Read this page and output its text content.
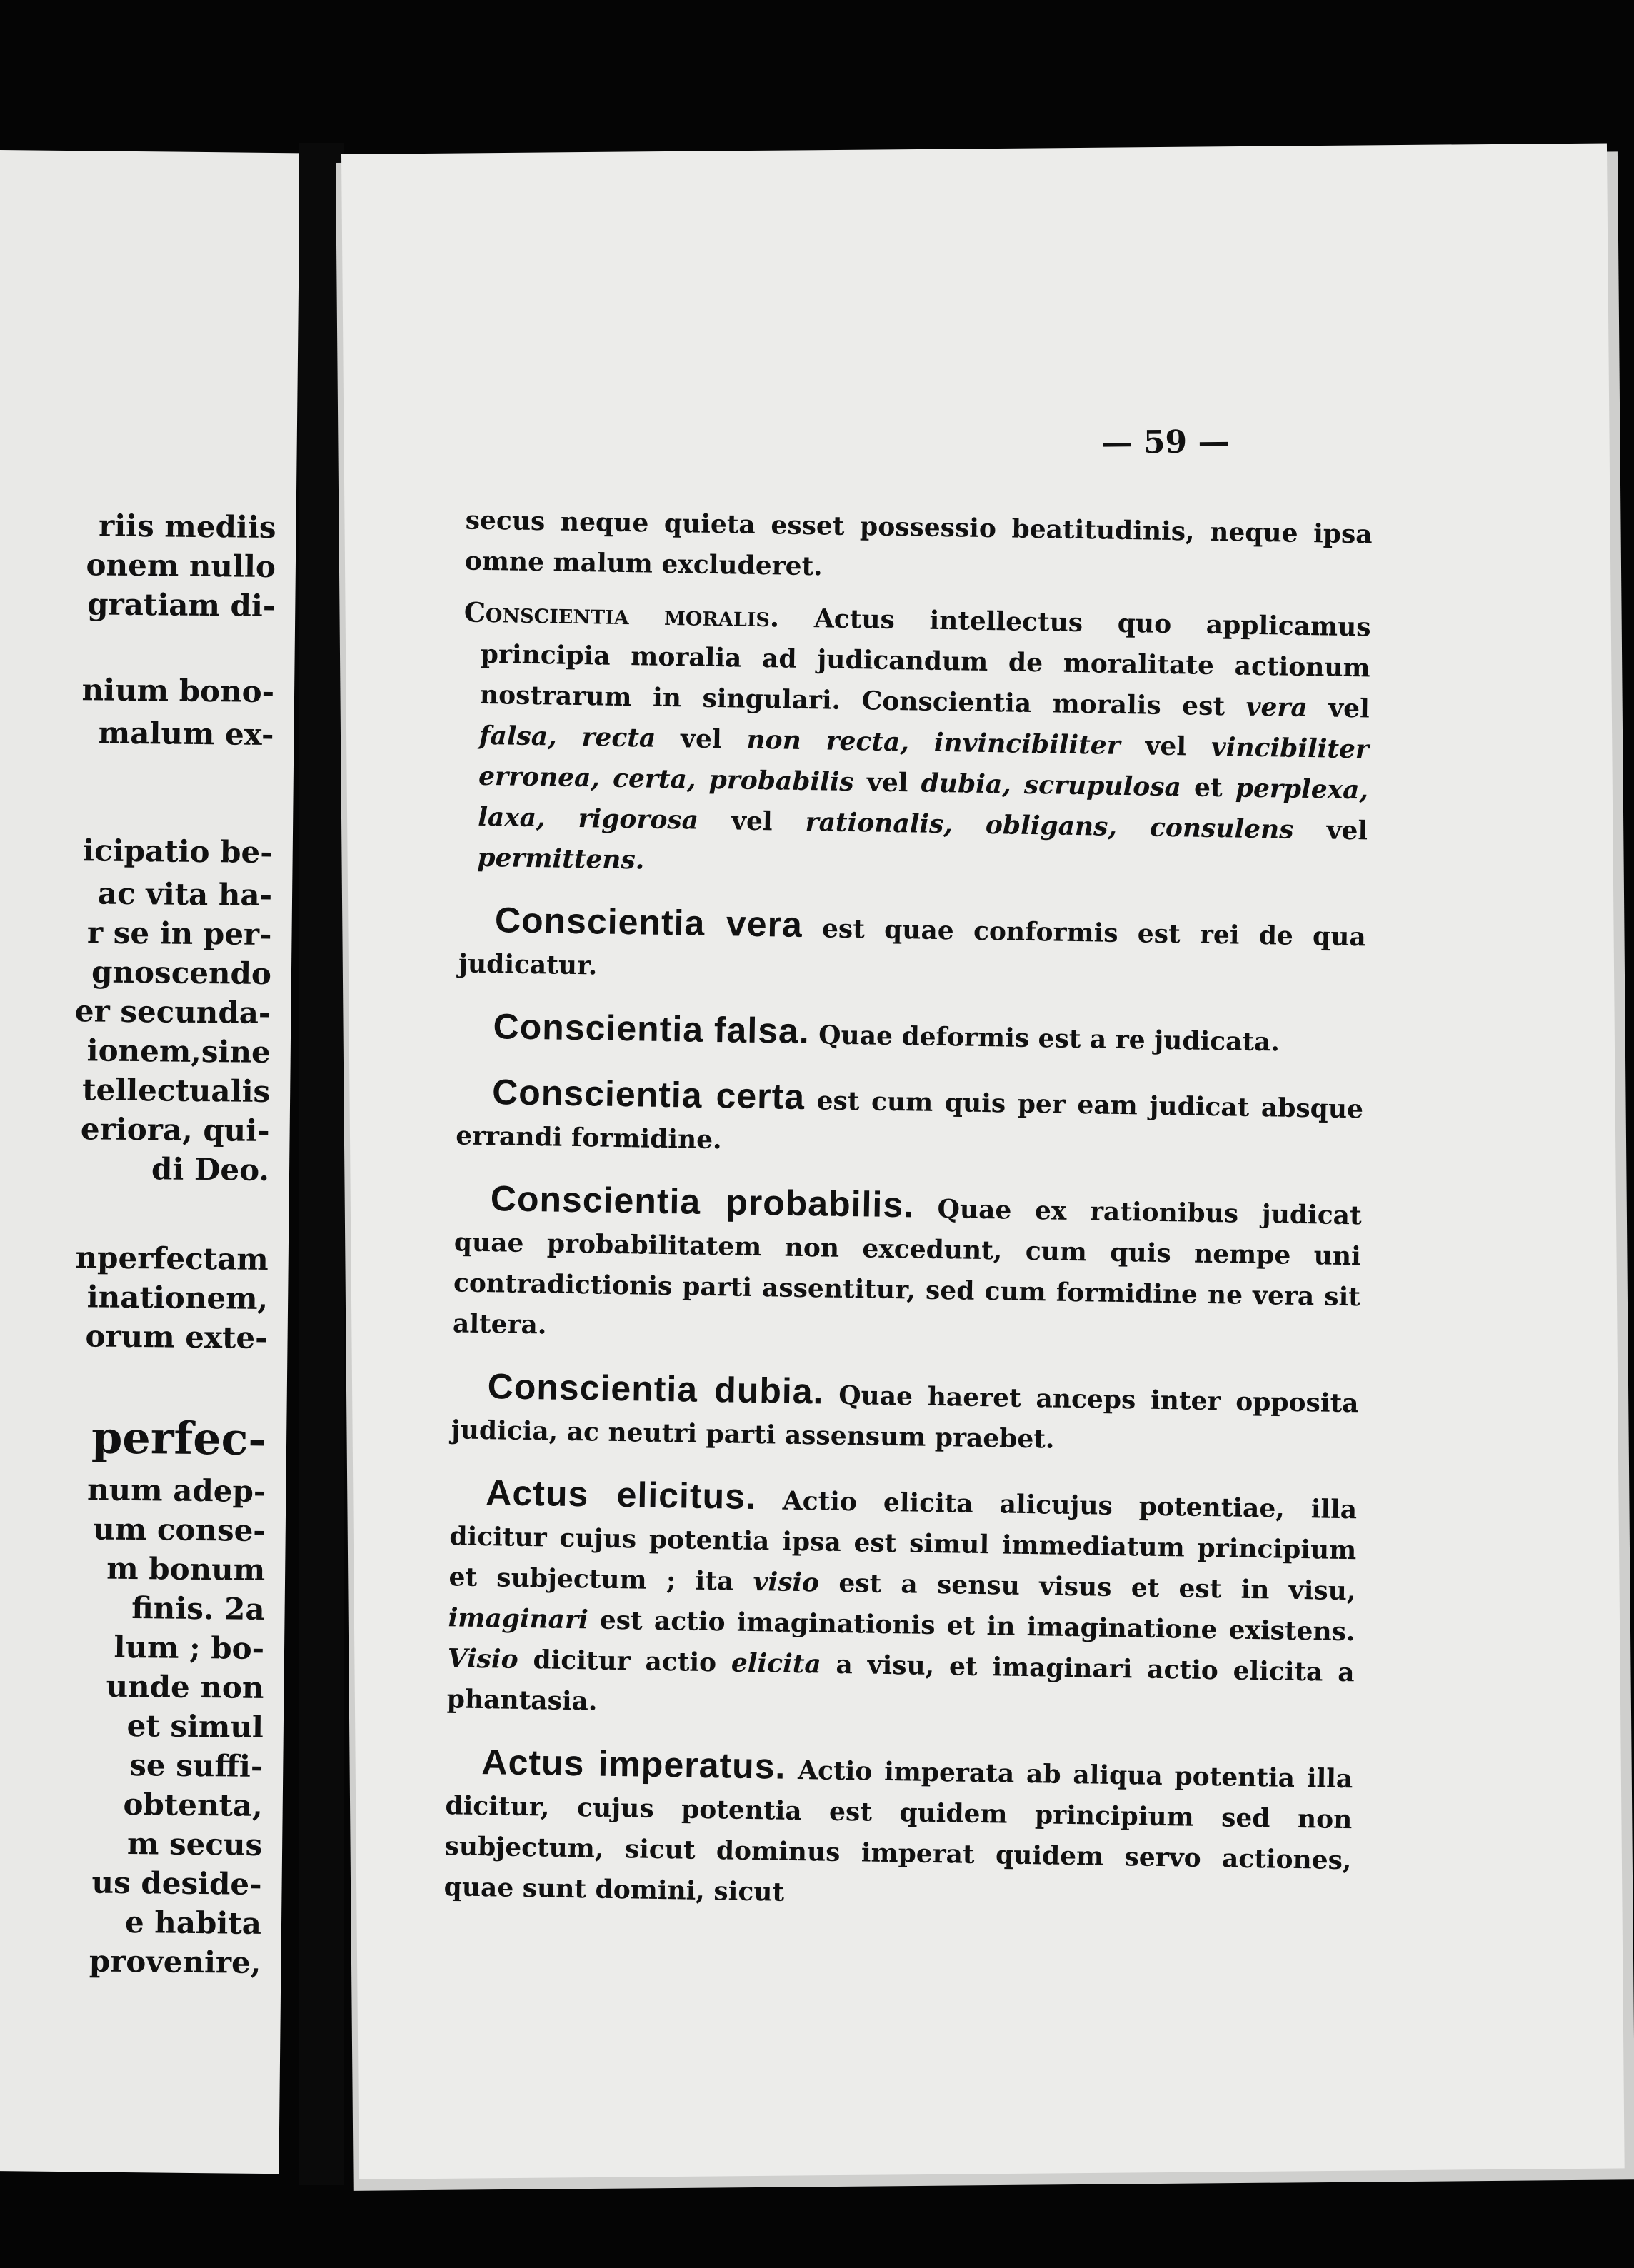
riis mediis
onem nullo
gratiam di-
nium bono-
malum ex-
icipatio be-
ac vita ha-
r se in per-
gnoscendo
er secunda-
ionem,sine
tellectualis
eriora, qui-
di Deo.
nperfectam
inationem,
orum exte-
perfec-
num adep-
um conse-
m bonum
finis. 2a
lum ; bo-
unde non
et simul
se suffi-
obtenta,
m secus
us deside-
e habita
provenire,
— 59 —

secus neque quieta esset possessio beatitudinis, neque ipsa omne malum excluderet.

Conscientia moralis. Actus intellectus quo applicamus principia moralia ad judicandum de moralitate actionum nostrarum in singulari. Conscientia moralis est vera vel falsa, recta vel non recta, invincibiliter vel vincibiliter erronea, certa, probabilis vel dubia, scrupulosa et perplexa, laxa, rigorosa vel rationalis, obligans, consulens vel permittens.

Conscientia vera est quae conformis est rei de qua judicatur.

Conscientia falsa. Quae deformis est a re judicata.

Conscientia certa est cum quis per eam judicat absque errandi formidine.

Conscientia probabilis. Quae ex rationibus judicat quae probabilitatem non excedunt, cum quis nempe uni contradictionis parti assentitur, sed cum formidine ne vera sit altera.

Conscientia dubia. Quae haeret anceps inter opposita judicia, ac neutri parti assensum praebet.

Actus elicitus. Actio elicita alicujus potentiae, illa dicitur cujus potentia ipsa est simul immediatum principium et subjectum ; ita visio est a sensu visus et est in visu, imaginari est actio imaginationis et in imaginatione existens. Visio dicitur actio elicita a visu, et imaginari actio elicita a phantasia.

Actus imperatus. Actio imperata ab aliqua potentia illa dicitur, cujus potentia est quidem principium sed non subjectum, sicut dominus imperat quidem servo actiones, quae sunt domini, sicut
